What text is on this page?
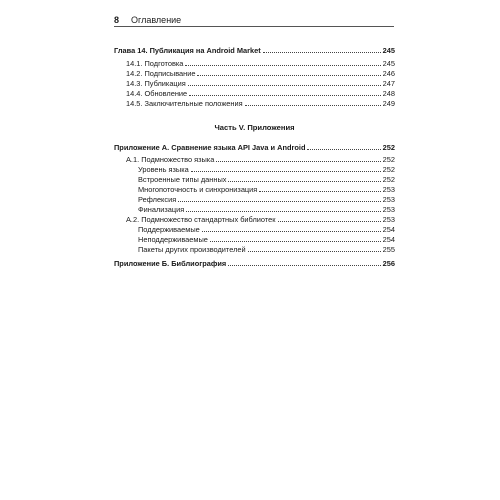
8 Оглавление
Глава 14. Публикация на Android Market	245
14.1. Подготовка	245
14.2. Подписывание	246
14.3. Публикация	247
14.4. Обновление	248
14.5. Заключительные положения	249
Приложение А. Сравнение языка API Java и Android	252
А.1. Подмножество языка	252
Уровень языка	252
Встроенные типы данных	252
Многопоточность и синхронизация	253
Рефлексия	253
Финализация	253
А.2. Подмножество стандартных библиотек	253
Поддерживаемые	254
Неподдерживаемые	254
Пакеты других производителей	255
Приложение Б. Библиография	256
Часть V. Приложения
